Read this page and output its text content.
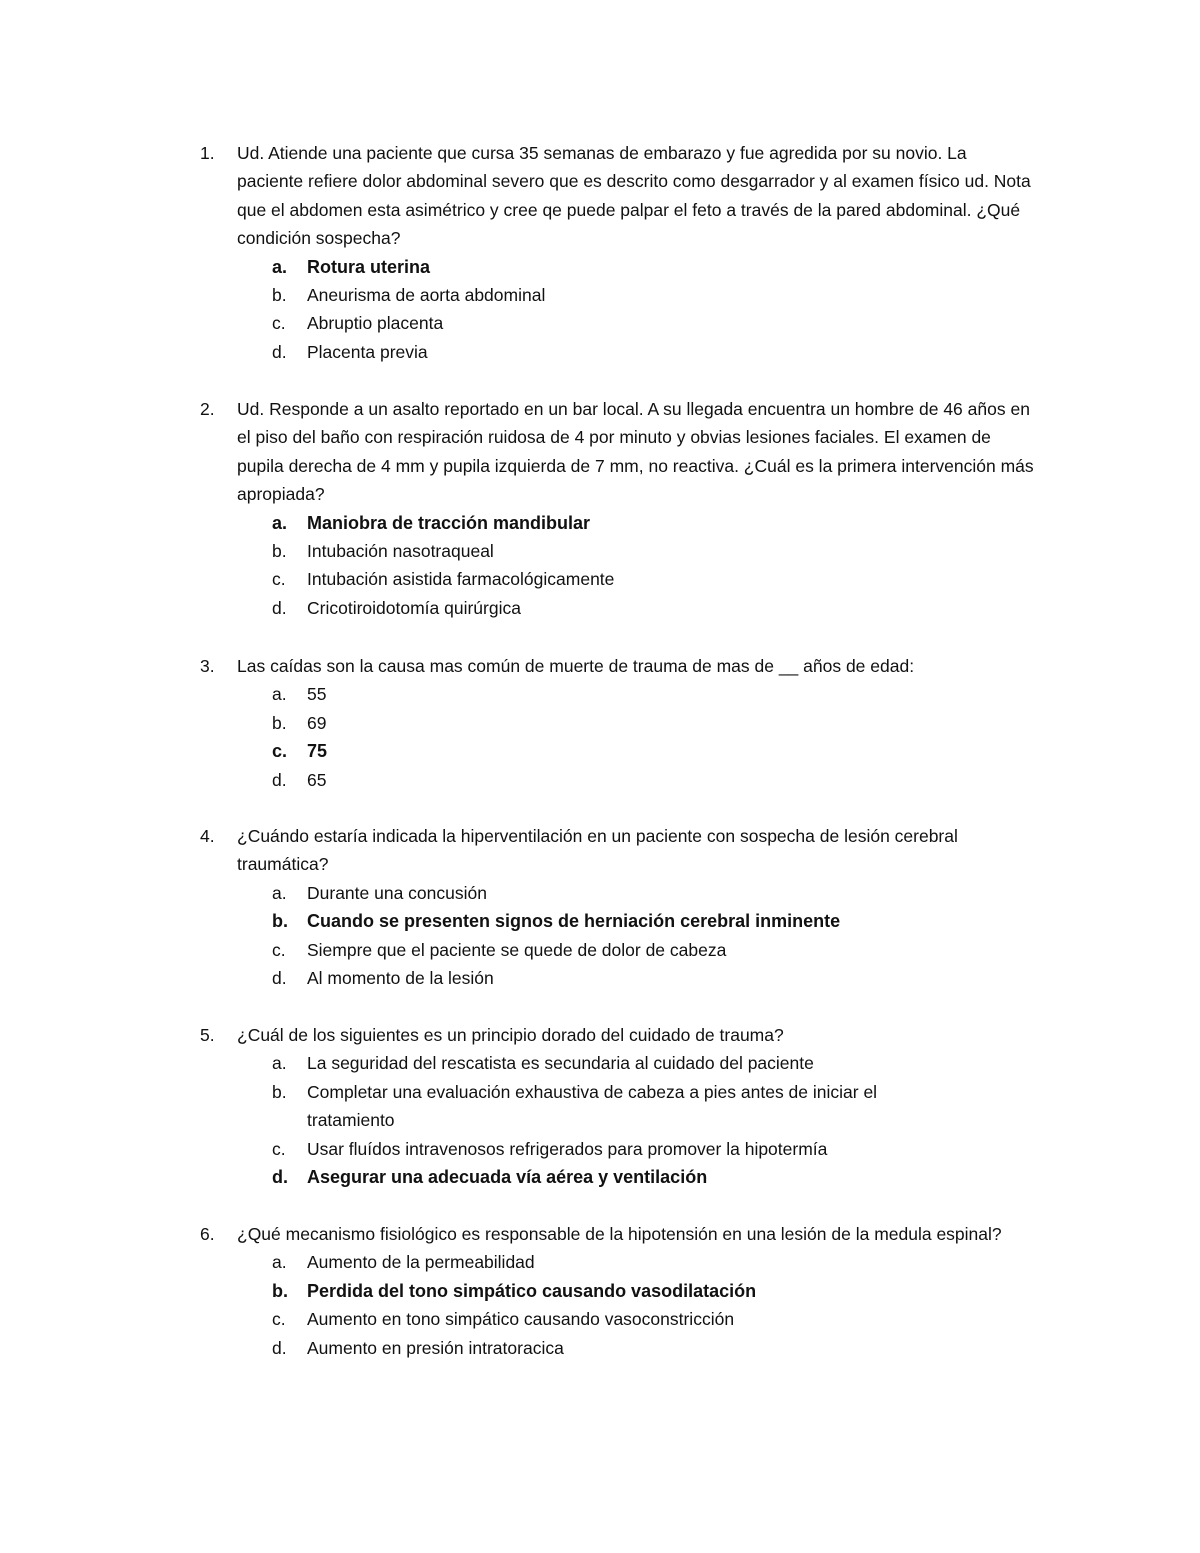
1. Ud. Atiende una paciente que cursa 35 semanas de embarazo y fue agredida por su novio. La paciente refiere dolor abdominal severo que es descrito como desgarrador y al examen físico ud. Nota que el abdomen esta asimétrico y cree qe puede palpar el feto a través de la pared abdominal. ¿Qué condición sospecha?
a. Rotura uterina
b. Aneurisma de aorta abdominal
c. Abruptio placenta
d. Placenta previa
2. Ud. Responde a un asalto reportado en un bar local. A su llegada encuentra un hombre de 46 años en el piso del baño con respiración ruidosa de 4 por minuto y obvias lesiones faciales. El examen de pupila derecha de 4 mm y pupila izquierda de 7 mm, no reactiva. ¿Cuál es la primera intervención más apropiada?
a. Maniobra de tracción mandibular
b. Intubación nasotraqueal
c. Intubación asistida farmacológicamente
d. Cricotiroidotomía quirúrgica
3. Las caídas son la causa mas común de muerte de trauma de mas de __ años de edad:
a. 55
b. 69
c. 75
d. 65
4. ¿Cuándo estaría indicada la hiperventilación en un paciente con sospecha de lesión cerebral traumática?
a. Durante una concusión
b. Cuando se presenten signos de herniación cerebral inminente
c. Siempre que el paciente se quede de dolor de cabeza
d. Al momento de la lesión
5. ¿Cuál de los siguientes es un principio dorado del cuidado de trauma?
a. La seguridad del rescatista es secundaria al cuidado del paciente
b. Completar una evaluación exhaustiva de cabeza a pies antes de iniciar el tratamiento
c. Usar fluídos intravenosos refrigerados para promover la hipotermía
d. Asegurar una adecuada vía aérea y ventilación
6. ¿Qué mecanismo fisiológico es responsable de la hipotensión en una lesión de la medula espinal?
a. Aumento de la permeabilidad
b. Perdida del tono simpático causando vasodilatación
c. Aumento en tono simpático causando vasoconstricción
d. Aumento en presión intratoracica
